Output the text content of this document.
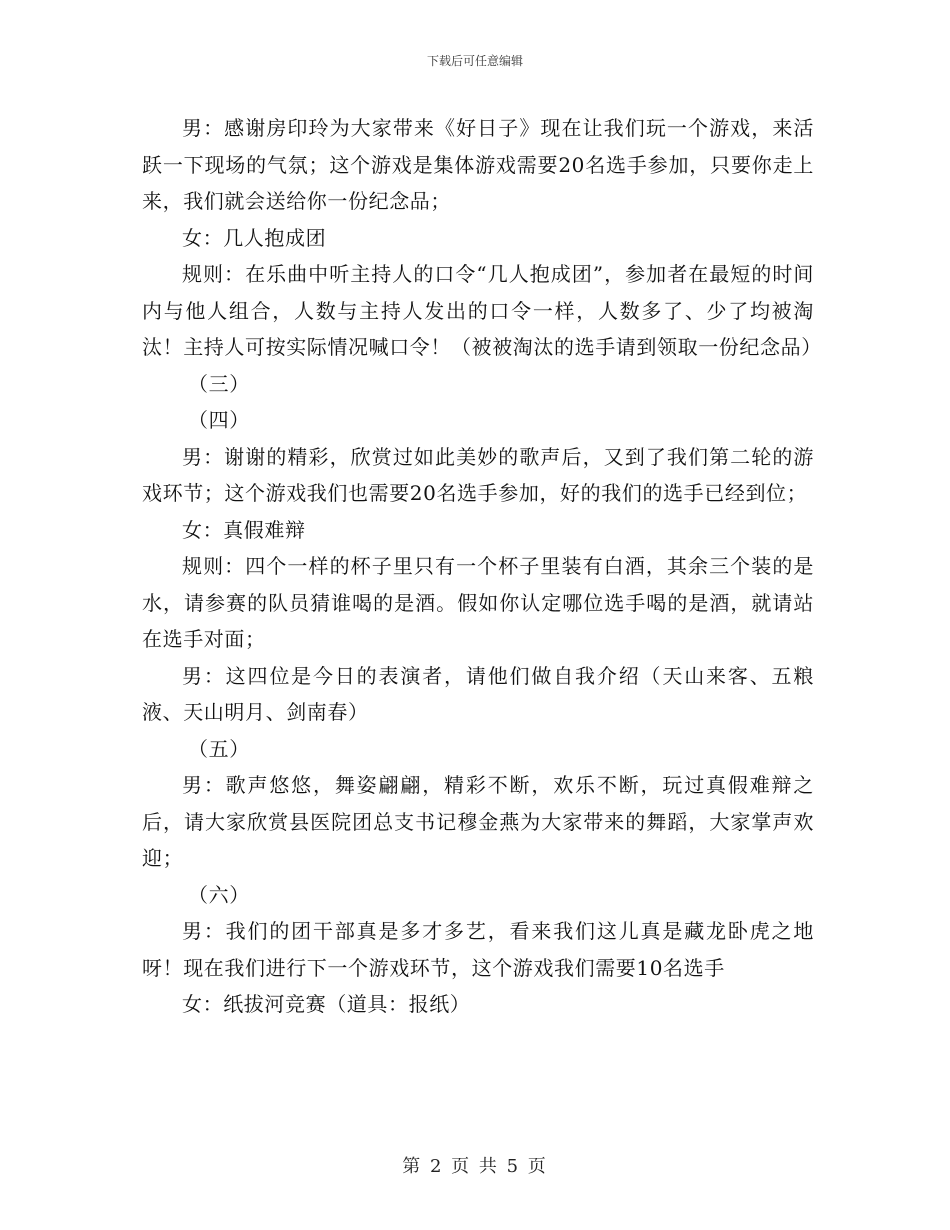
下载后可任意编辑

男：感谢房印玲为大家带来《好日子》现在让我们玩一个游戏，来活跃一下现场的气氛；这个游戏是集体游戏需要20名选手参加，只要你走上来，我们就会送给你一份纪念品；

女：几人抱成团

规则：在乐曲中听主持人的口令“几人抱成团”，参加者在最短的时间内与他人组合，人数与主持人发出的口令一样，人数多了、少了均被淘汰！主持人可按实际情况喊口令！（被被淘汰的选手请到领取一份纪念品）

（三）

（四）

男：谢谢的精彩，欣赏过如此美妙的歌声后，又到了我们第二轮的游戏环节；这个游戏我们也需要20名选手参加，好的我们的选手已经到位；

女：真假难辩

规则：四个一样的杯子里只有一个杯子里装有白酒，其余三个装的是水，请参赛的队员猜谁喝的是酒。假如你认定哪位选手喝的是酒，就请站在选手对面；

男：这四位是今日的表演者，请他们做自我介绍（天山来客、五粮液、天山明月、剑南春）

（五）

男：歌声悠悠，舞姿翩翩，精彩不断，欢乐不断，玩过真假难辩之后，请大家欣赏县医院团总支书记穆金燕为大家带来的舞蹈，大家掌声欢迎；

（六）

男：我们的团干部真是多才多艺，看来我们这儿真是藏龙卧虎之地呀！现在我们进行下一个游戏环节，这个游戏我们需要10名选手

女：纸拔河竞赛（道具：报纸）

第 2 页 共 5 页
